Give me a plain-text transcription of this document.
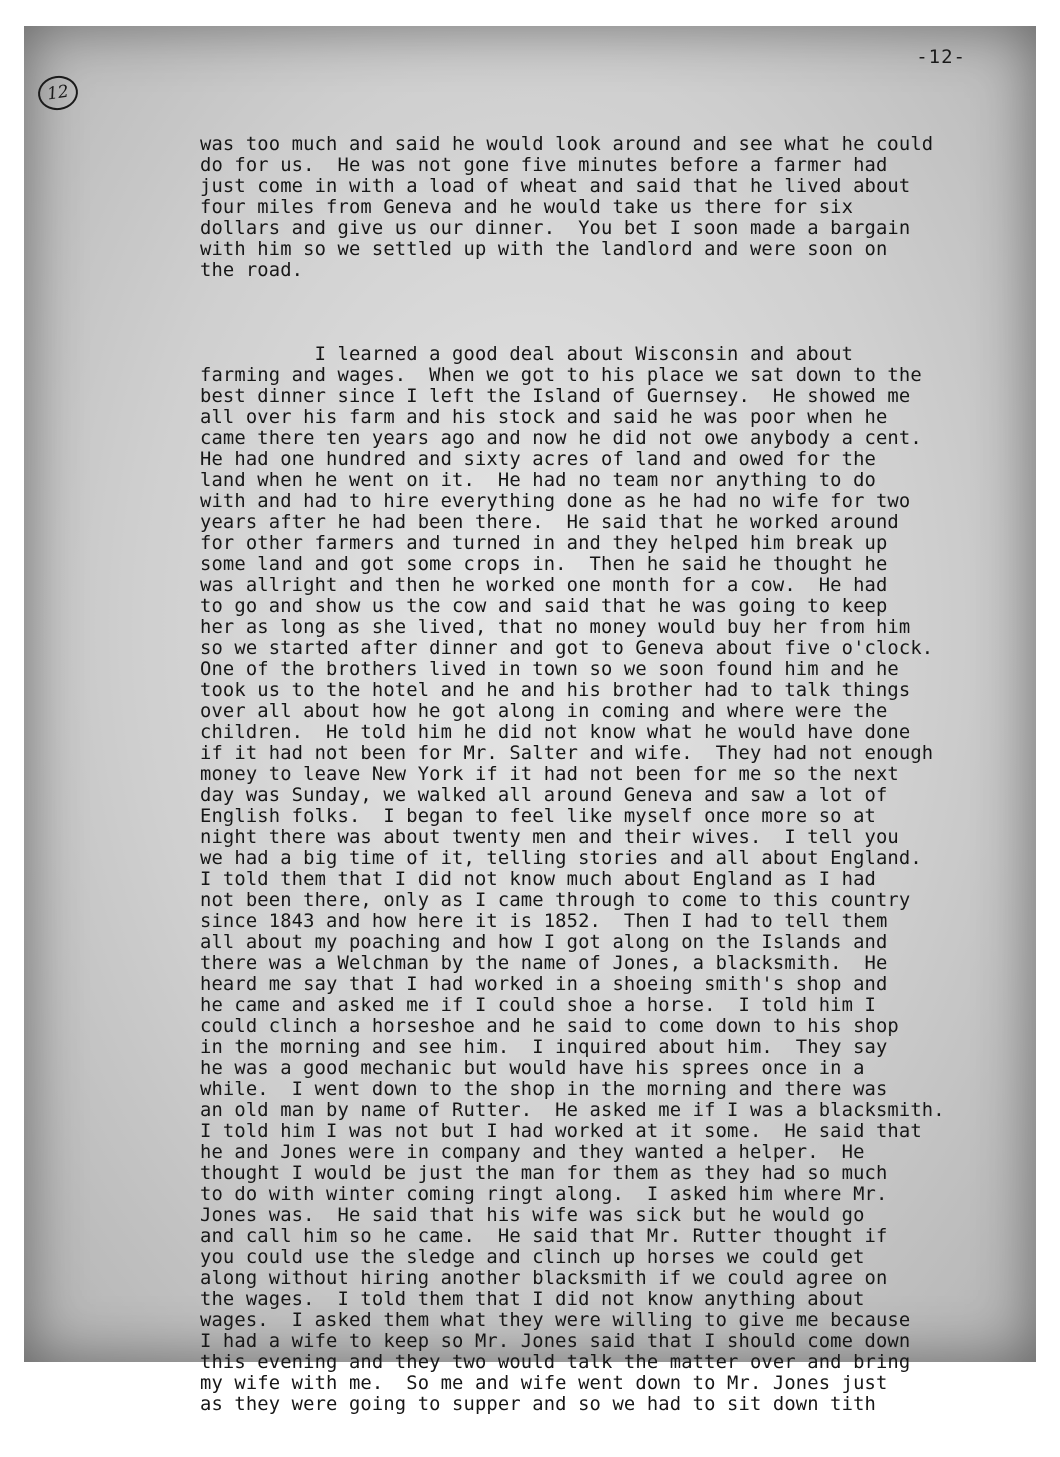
-12-
12

was too much and said he would look around and see what he could
do for us.  He was not gone five minutes before a farmer had
just come in with a load of wheat and said that he lived about
four miles from Geneva and he would take us there for six
dollars and give us our dinner.  You bet I soon made a bargain
with him so we settled up with the landlord and were soon on
the road.

I learned a good deal about Wisconsin and about
farming and wages.  When we got to his place we sat down to the
best dinner since I left the Island of Guernsey.  He showed me
all over his farm and his stock and said he was poor when he
came there ten years ago and now he did not owe anybody a cent.
He had one hundred and sixty acres of land and owed for the
land when he went on it.  He had no team nor anything to do
with and had to hire everything done as he had no wife for two
years after he had been there.  He said that he worked around
for other farmers and turned in and they helped him break up
some land and got some crops in.  Then he said he thought he
was allright and then he worked one month for a cow.  He had
to go and show us the cow and said that he was going to keep
her as long as she lived, that no money would buy her from him
so we started after dinner and got to Geneva about five o'clock.
One of the brothers lived in town so we soon found him and he
took us to the hotel and he and his brother had to talk things
over all about how he got along in coming and where were the
children.  He told him he did not know what he would have done
if it had not been for Mr. Salter and wife.  They had not enough
money to leave New York if it had not been for me so the next
day was Sunday, we walked all around Geneva and saw a lot of
English folks.  I began to feel like myself once more so at
night there was about twenty men and their wives.  I tell you
we had a big time of it, telling stories and all about England.
I told them that I did not know much about England as I had
not been there, only as I came through to come to this country
since 1843 and how here it is 1852.  Then I had to tell them
all about my poaching and how I got along on the Islands and
there was a Welchman by the name of Jones, a blacksmith.  He
heard me say that I had worked in a shoeing smith's shop and
he came and asked me if I could shoe a horse.  I told him I
could clinch a horseshoe and he said to come down to his shop
in the morning and see him.  I inquired about him.  They say
he was a good mechanic but would have his sprees once in a
while.  I went down to the shop in the morning and there was
an old man by name of Rutter.  He asked me if I was a blacksmith.
I told him I was not but I had worked at it some.  He said that
he and Jones were in company and they wanted a helper.  He
thought I would be just the man for them as they had so much
to do with winter coming ringt along.  I asked him where Mr.
Jones was.  He said that his wife was sick but he would go
and call him so he came.  He said that Mr. Rutter thought if
you could use the sledge and clinch up horses we could get
along without hiring another blacksmith if we could agree on
the wages.  I told them that I did not know anything about
wages.  I asked them what they were willing to give me because
I had a wife to keep so Mr. Jones said that I should come down
this evening and they two would talk the matter over and bring
my wife with me.  So me and wife went down to Mr. Jones just
as they were going to supper and so we had to sit down tith
